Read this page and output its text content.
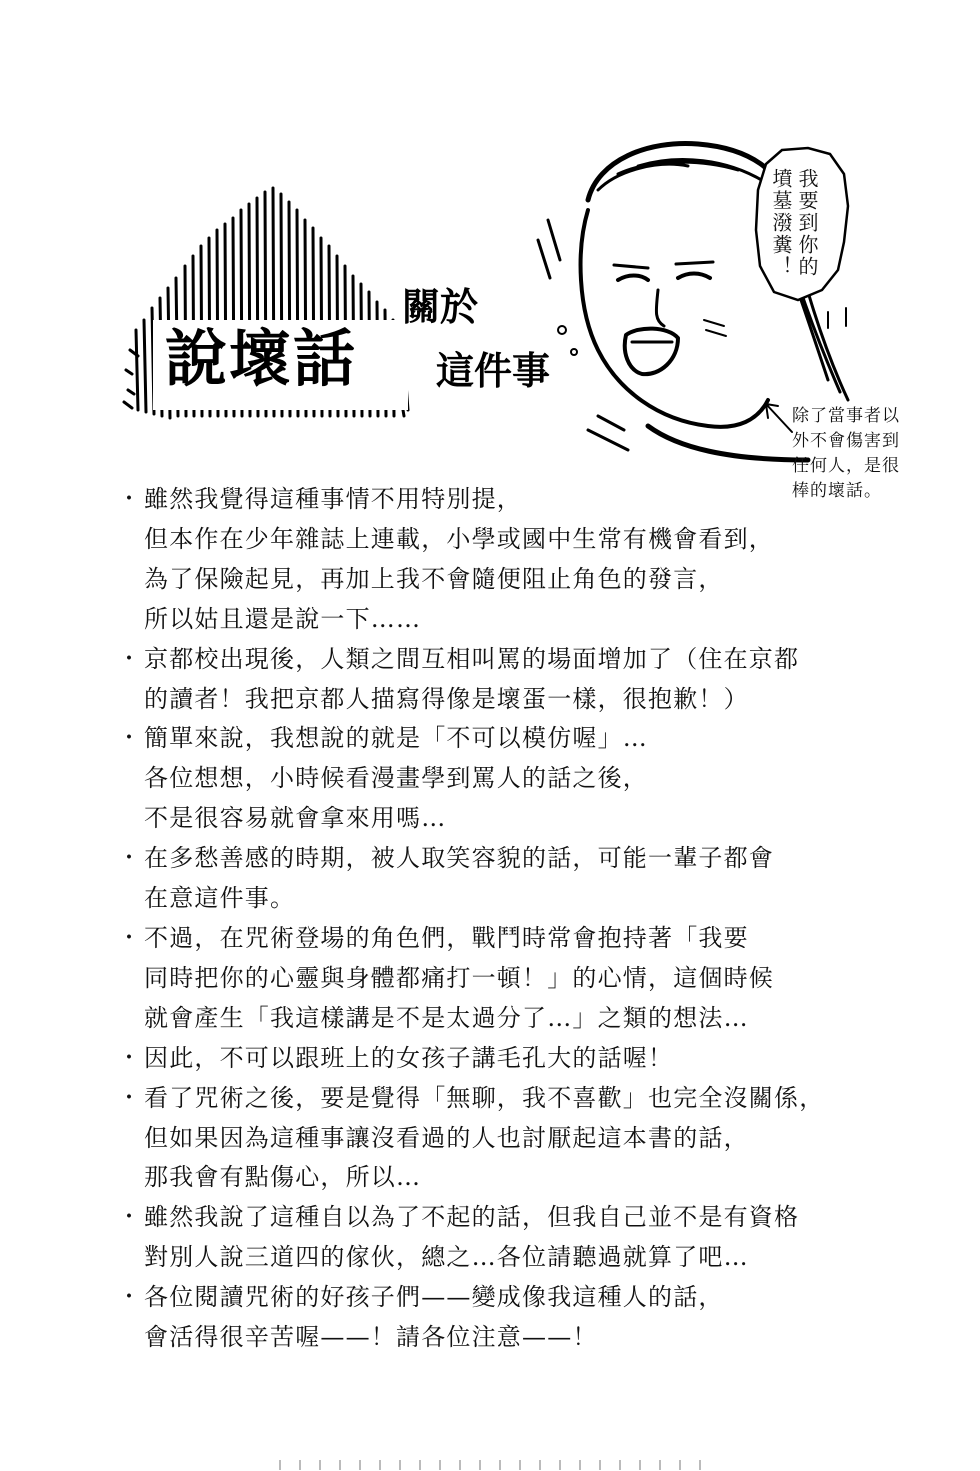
說壞話
關於
這件事
我要到你的墳墓潑糞！
除了當事者以
外不會傷害到
任何人，是很
棒的壞話。
・ 雖然我覺得這種事情不用特別提，
但本作在少年雜誌上連載，小學或國中生常有機會看到，
為了保險起見，再加上我不會隨便阻止角色的發言，
所以姑且還是說一下……
・ 京都校出現後，人類之間互相叫罵的場面增加了（住在京都
的讀者！我把京都人描寫得像是壞蛋一樣，很抱歉！）
・ 簡單來說，我想說的就是「不可以模仿喔」…
各位想想，小時候看漫畫學到罵人的話之後，
不是很容易就會拿來用嗎…
・ 在多愁善感的時期，被人取笑容貌的話，可能一輩子都會
在意這件事。
・ 不過，在咒術登場的角色們，戰鬥時常會抱持著「我要
同時把你的心靈與身體都痛打一頓！」的心情，這個時候
就會產生「我這樣講是不是太過分了…」之類的想法…
・ 因此，不可以跟班上的女孩子講毛孔大的話喔！
・ 看了咒術之後，要是覺得「無聊，我不喜歡」也完全沒關係，
但如果因為這種事讓沒看過的人也討厭起這本書的話，
那我會有點傷心，所以…
・ 雖然我說了這種自以為了不起的話，但我自己並不是有資格
對別人說三道四的傢伙，總之…各位請聽過就算了吧…
・ 各位閱讀咒術的好孩子們——變成像我這種人的話，
會活得很辛苦喔——！請各位注意——！
